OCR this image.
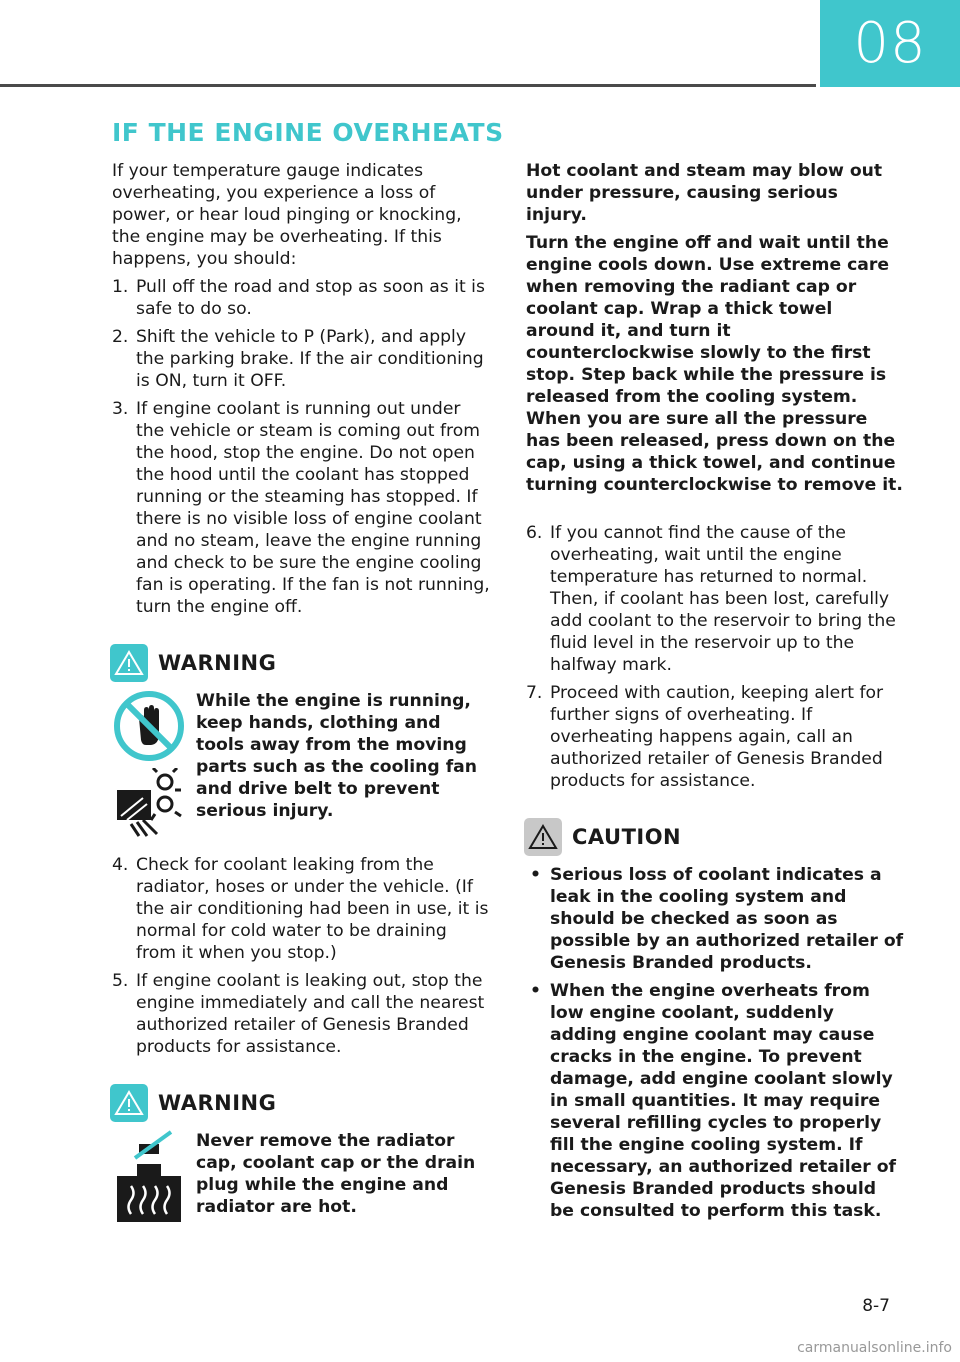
08
IF THE ENGINE OVERHEATS

If your temperature gauge indicates overheating, you experience a loss of power, or hear loud pinging or knocking, the engine may be overheating. If this happens, you should:

1. Pull off the road and stop as soon as it is safe to do so.
2. Shift the vehicle to P (Park), and apply the parking brake. If the air conditioning is ON, turn it OFF.
3. If engine coolant is running out under the vehicle or steam is coming out from the hood, stop the engine. Do not open the hood until the coolant has stopped running or the steaming has stopped. If there is no visible loss of engine coolant and no steam, leave the engine running and check to be sure the engine cooling fan is operating. If the fan is not running, turn the engine off.
WARNING
While the engine is running, keep hands, clothing and tools away from the moving parts such as the cooling fan and drive belt to prevent serious injury.
4. Check for coolant leaking from the radiator, hoses or under the vehicle. (If the air conditioning had been in use, it is normal for cold water to be draining from it when you stop.)
5. If engine coolant is leaking out, stop the engine immediately and call the nearest authorized retailer of Genesis Branded products for assistance.
WARNING
Never remove the radiator cap, coolant cap or the drain plug while the engine and radiator are hot.

Hot coolant and steam may blow out under pressure, causing serious injury.

Turn the engine off and wait until the engine cools down. Use extreme care when removing the radiant cap or coolant cap. Wrap a thick towel around it, and turn it counterclockwise slowly to the first stop. Step back while the pressure is released from the cooling system. When you are sure all the pressure has been released, press down on the cap, using a thick towel, and continue turning counterclockwise to remove it.

6. If you cannot find the cause of the overheating, wait until the engine temperature has returned to normal. Then, if coolant has been lost, carefully add coolant to the reservoir to bring the fluid level in the reservoir up to the halfway mark.
7. Proceed with caution, keeping alert for further signs of overheating. If overheating happens again, call an authorized retailer of Genesis Branded products for assistance.
CAUTION
• Serious loss of coolant indicates a leak in the cooling system and should be checked as soon as possible by an authorized retailer of Genesis Branded products.
• When the engine overheats from low engine coolant, suddenly adding engine coolant may cause cracks in the engine. To prevent damage, add engine coolant slowly in small quantities. It may require several refilling cycles to properly fill the engine cooling system. If necessary, an authorized retailer of Genesis Branded products should be consulted to perform this task.
8-7
carmanualsonline.info
